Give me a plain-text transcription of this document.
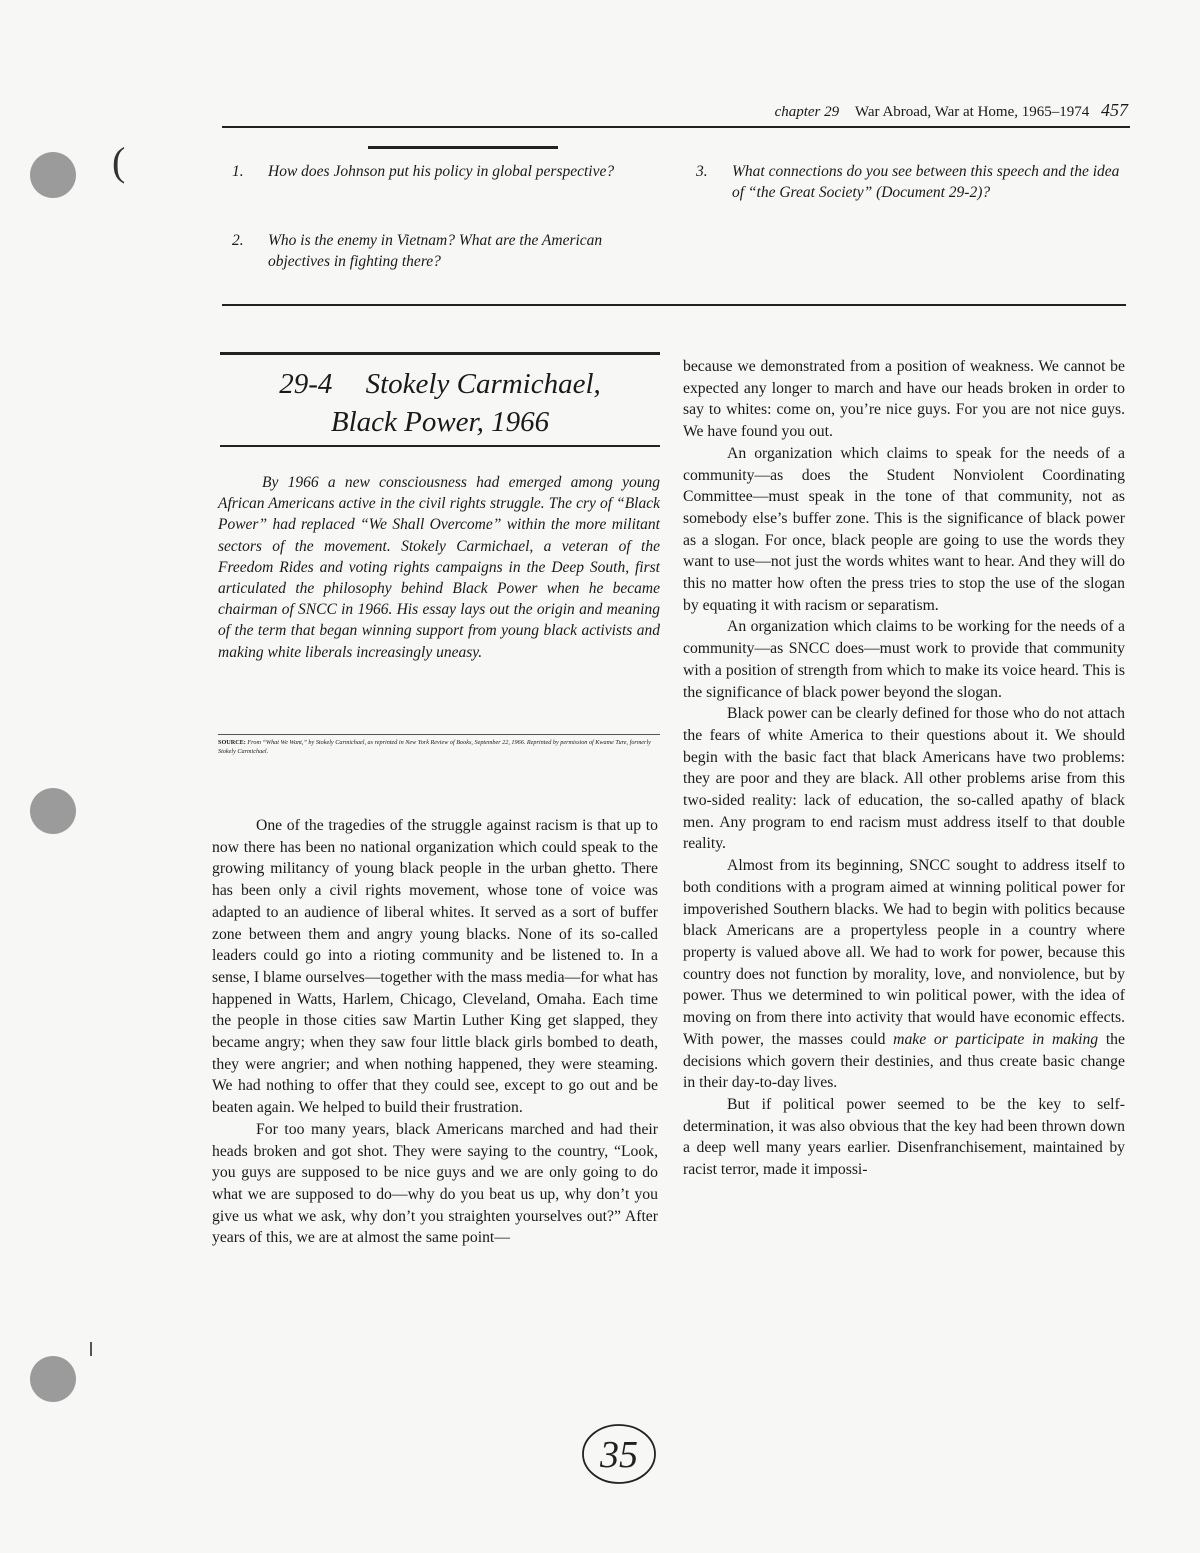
(
chapter 29 War Abroad, War at Home, 1965–1974 457
1. How does Johnson put his policy in global perspective?
2. Who is the enemy in Vietnam? What are the American objectives in fighting there?
3. What connections do you see between this speech and the idea of “the Great Society” (Document 29-2)?
29-4 Stokely Carmichael,
Black Power, 1966
By 1966 a new consciousness had emerged among young African Americans active in the civil rights struggle. The cry of “Black Power” had replaced “We Shall Overcome” within the more militant sectors of the movement. Stokely Carmichael, a veteran of the Freedom Rides and voting rights campaigns in the Deep South, first articulated the philosophy behind Black Power when he became chairman of SNCC in 1966. His essay lays out the origin and meaning of the term that began winning support from young black activists and making white liberals increasingly uneasy.
SOURCE: From “What We Want,” by Stokely Carmichael, as reprinted in New York Review of Books, September 22, 1966. Reprinted by permission of Kwame Ture, formerly Stokely Carmichael.

One of the tragedies of the struggle against racism is that up to now there has been no national organization which could speak to the growing militancy of young black people in the urban ghetto. There has been only a civil rights movement, whose tone of voice was adapted to an audience of liberal whites. It served as a sort of buffer zone between them and angry young blacks. None of its so-called leaders could go into a rioting community and be listened to. In a sense, I blame ourselves—together with the mass media—for what has happened in Watts, Harlem, Chicago, Cleveland, Omaha. Each time the people in those cities saw Martin Luther King get slapped, they became angry; when they saw four little black girls bombed to death, they were angrier; and when nothing happened, they were steaming. We had nothing to offer that they could see, except to go out and be beaten again. We helped to build their frustration.

For too many years, black Americans marched and had their heads broken and got shot. They were saying to the country, “Look, you guys are supposed to be nice guys and we are only going to do what we are supposed to do—why do you beat us up, why don’t you give us what we ask, why don’t you straighten yourselves out?” After years of this, we are at almost the same point—

because we demonstrated from a position of weakness. We cannot be expected any longer to march and have our heads broken in order to say to whites: come on, you’re nice guys. For you are not nice guys. We have found you out.

An organization which claims to speak for the needs of a community—as does the Student Nonviolent Coordinating Committee—must speak in the tone of that community, not as somebody else’s buffer zone. This is the significance of black power as a slogan. For once, black people are going to use the words they want to use—not just the words whites want to hear. And they will do this no matter how often the press tries to stop the use of the slogan by equating it with racism or separatism.

An organization which claims to be working for the needs of a community—as SNCC does—must work to provide that community with a position of strength from which to make its voice heard. This is the significance of black power beyond the slogan.

Black power can be clearly defined for those who do not attach the fears of white America to their questions about it. We should begin with the basic fact that black Americans have two problems: they are poor and they are black. All other problems arise from this two-sided reality: lack of education, the so-called apathy of black men. Any program to end racism must address itself to that double reality.

Almost from its beginning, SNCC sought to address itself to both conditions with a program aimed at winning political power for impoverished Southern blacks. We had to begin with politics because black Americans are a propertyless people in a country where property is valued above all. We had to work for power, because this country does not function by morality, love, and nonviolence, but by power. Thus we determined to win political power, with the idea of moving on from there into activity that would have economic effects. With power, the masses could make or participate in making the decisions which govern their destinies, and thus create basic change in their day-to-day lives.

But if political power seemed to be the key to self-determination, it was also obvious that the key had been thrown down a deep well many years earlier. Disenfranchisement, maintained by racist terror, made it impossi-

35
